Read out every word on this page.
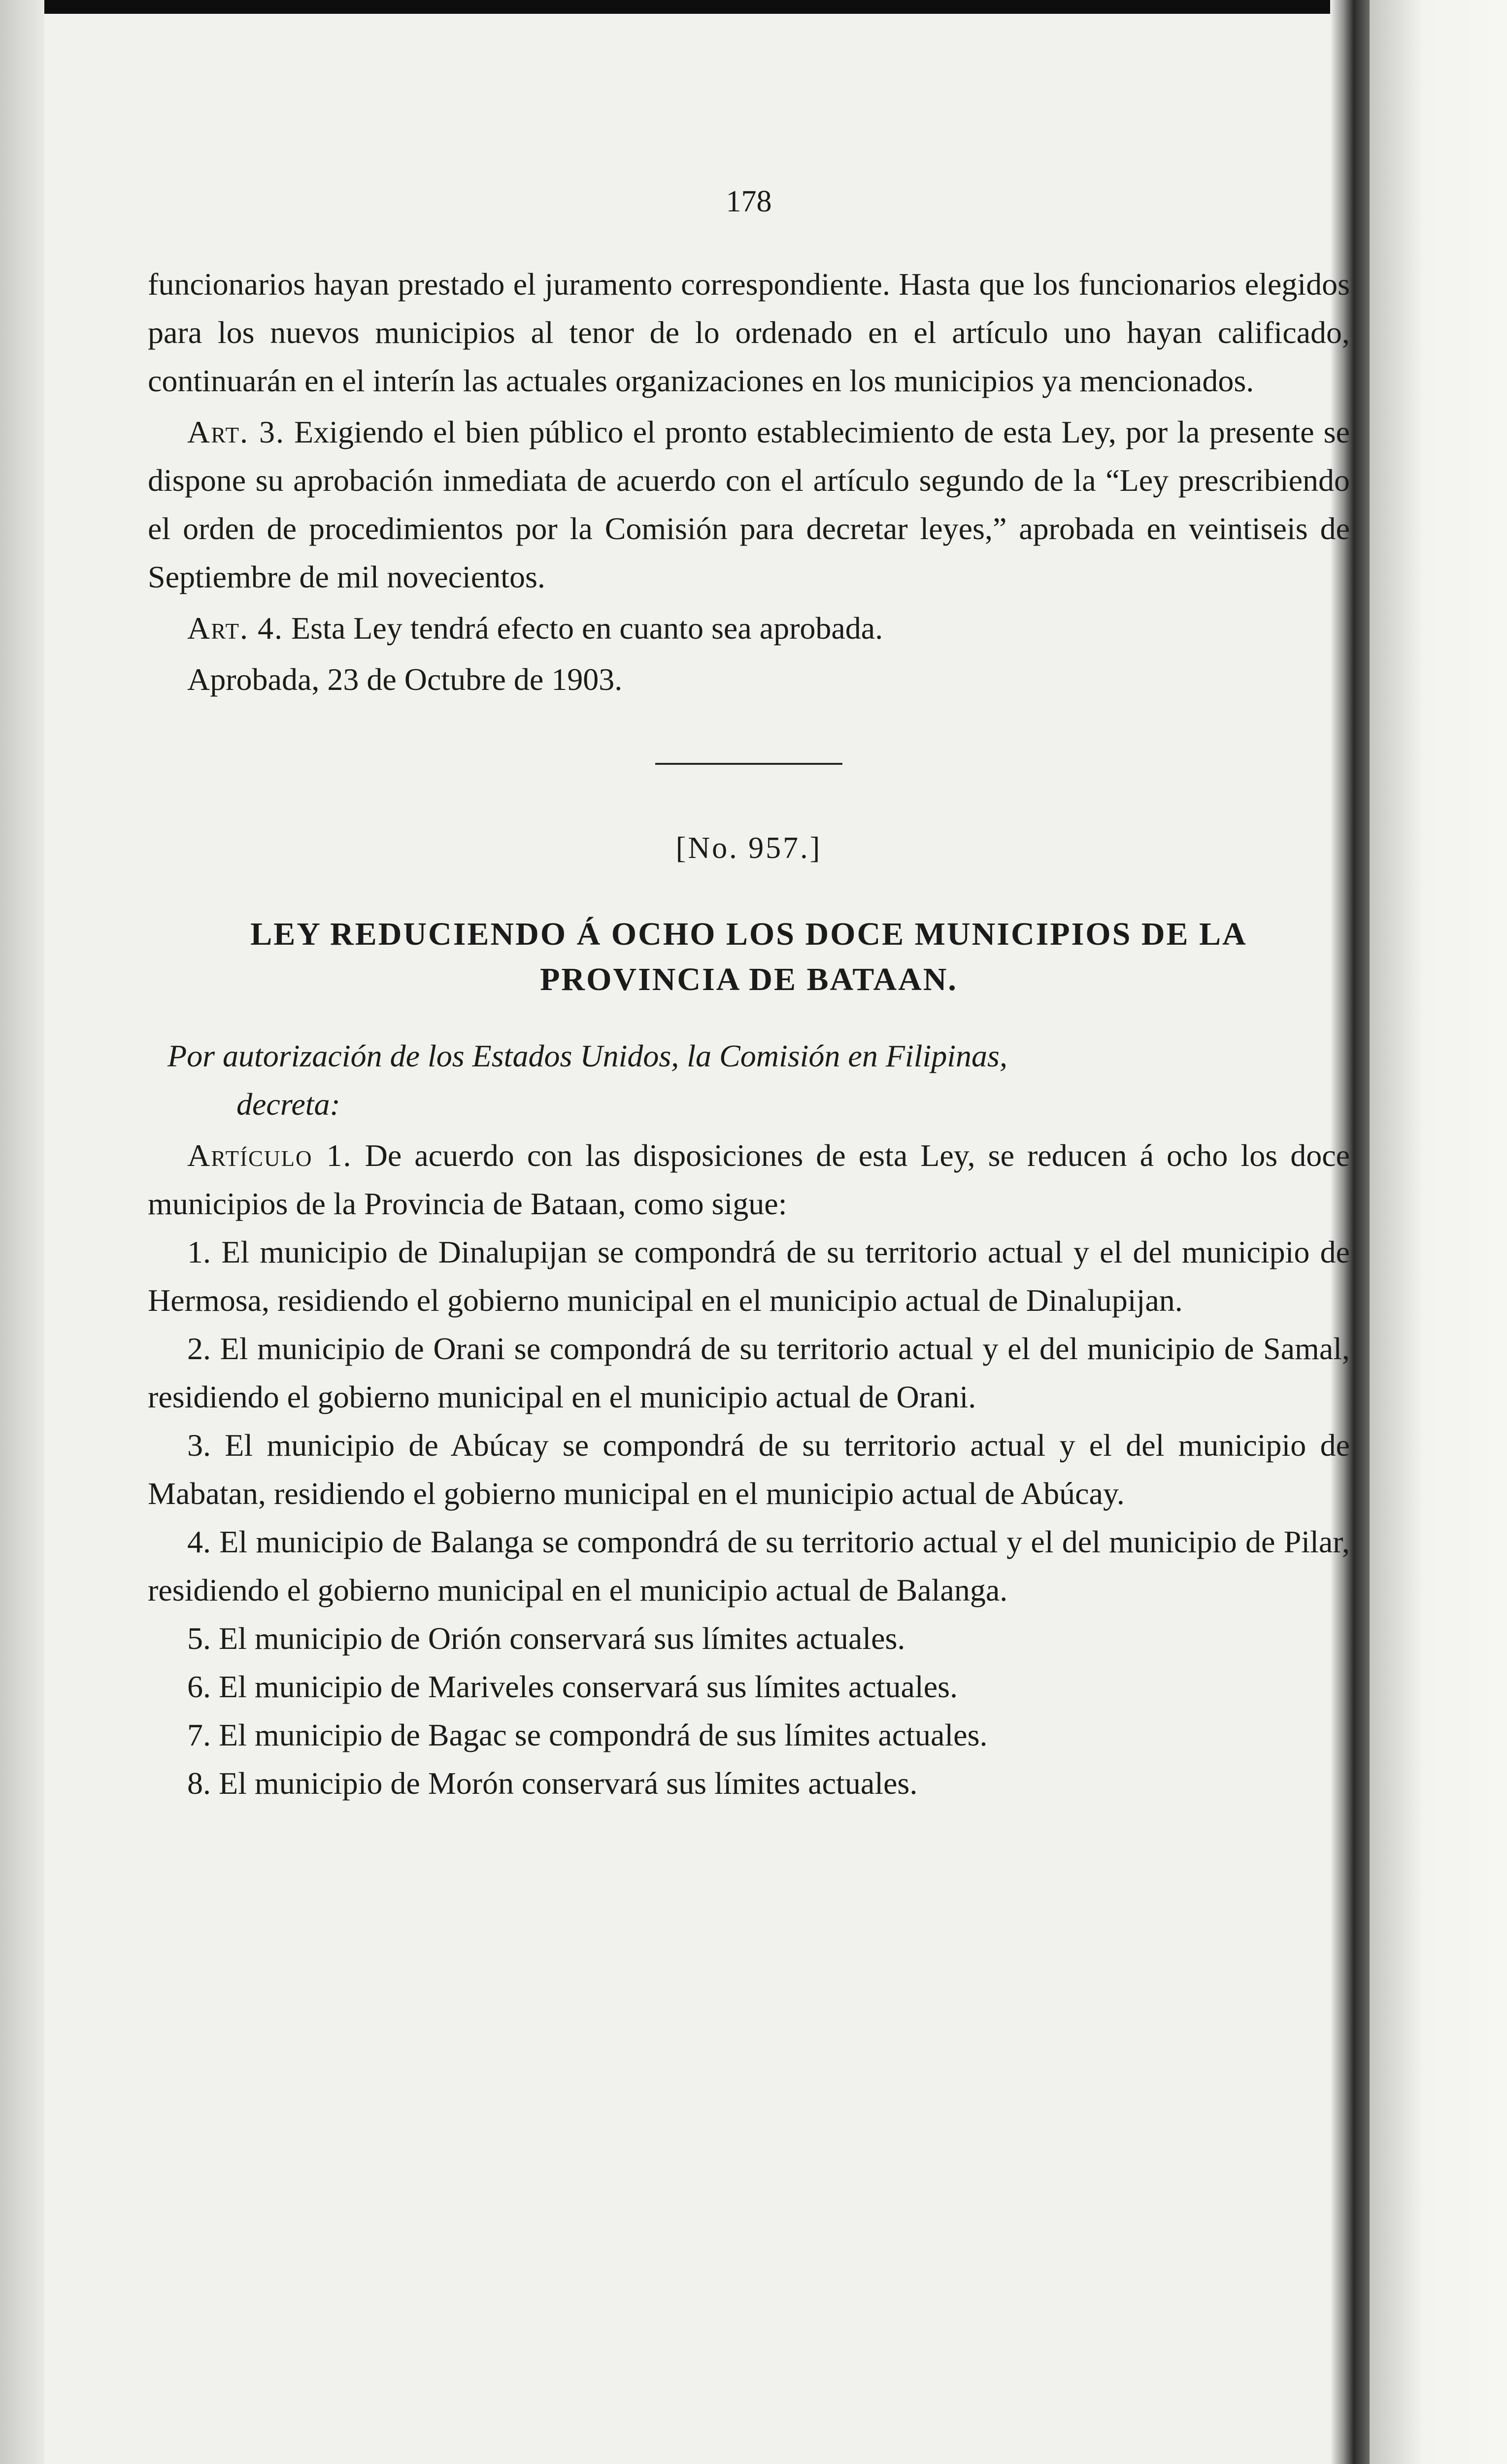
178

funcionarios hayan prestado el juramento correspondiente. Hasta que los funcionarios elegidos para los nuevos municipios al tenor de lo ordenado en el artículo uno hayan calificado, continuarán en el interín las actuales organizaciones en los municipios ya mencionados.

Art. 3. Exigiendo el bien público el pronto establecimiento de esta Ley, por la presente se dispone su aprobación inmediata de acuerdo con el artículo segundo de la “Ley prescribiendo el orden de procedimientos por la Comisión para decretar leyes,” aprobada en veintiseis de Septiembre de mil novecientos.

Art. 4. Esta Ley tendrá efecto en cuanto sea aprobada.

Aprobada, 23 de Octubre de 1903.

[No. 957.]

LEY REDUCIENDO Á OCHO LOS DOCE MUNICIPIOS DE LA PROVINCIA DE BATAAN.

Por autorización de los Estados Unidos, la Comisión en Filipinas,
decreta:

Artículo 1. De acuerdo con las disposiciones de esta Ley, se reducen á ocho los doce municipios de la Provincia de Bataan, como sigue:

1. El municipio de Dinalupijan se compondrá de su territorio actual y el del municipio de Hermosa, residiendo el gobierno municipal en el municipio actual de Dinalupijan.

2. El municipio de Orani se compondrá de su territorio actual y el del municipio de Samal, residiendo el gobierno municipal en el municipio actual de Orani.

3. El municipio de Abúcay se compondrá de su territorio actual y el del municipio de Mabatan, residiendo el gobierno municipal en el municipio actual de Abúcay.

4. El municipio de Balanga se compondrá de su territorio actual y el del municipio de Pilar, residiendo el gobierno municipal en el municipio actual de Balanga.

5. El municipio de Orión conservará sus límites actuales.

6. El municipio de Mariveles conservará sus límites actuales.

7. El municipio de Bagac se compondrá de sus límites actuales.

8. El municipio de Morón conservará sus límites actuales.
